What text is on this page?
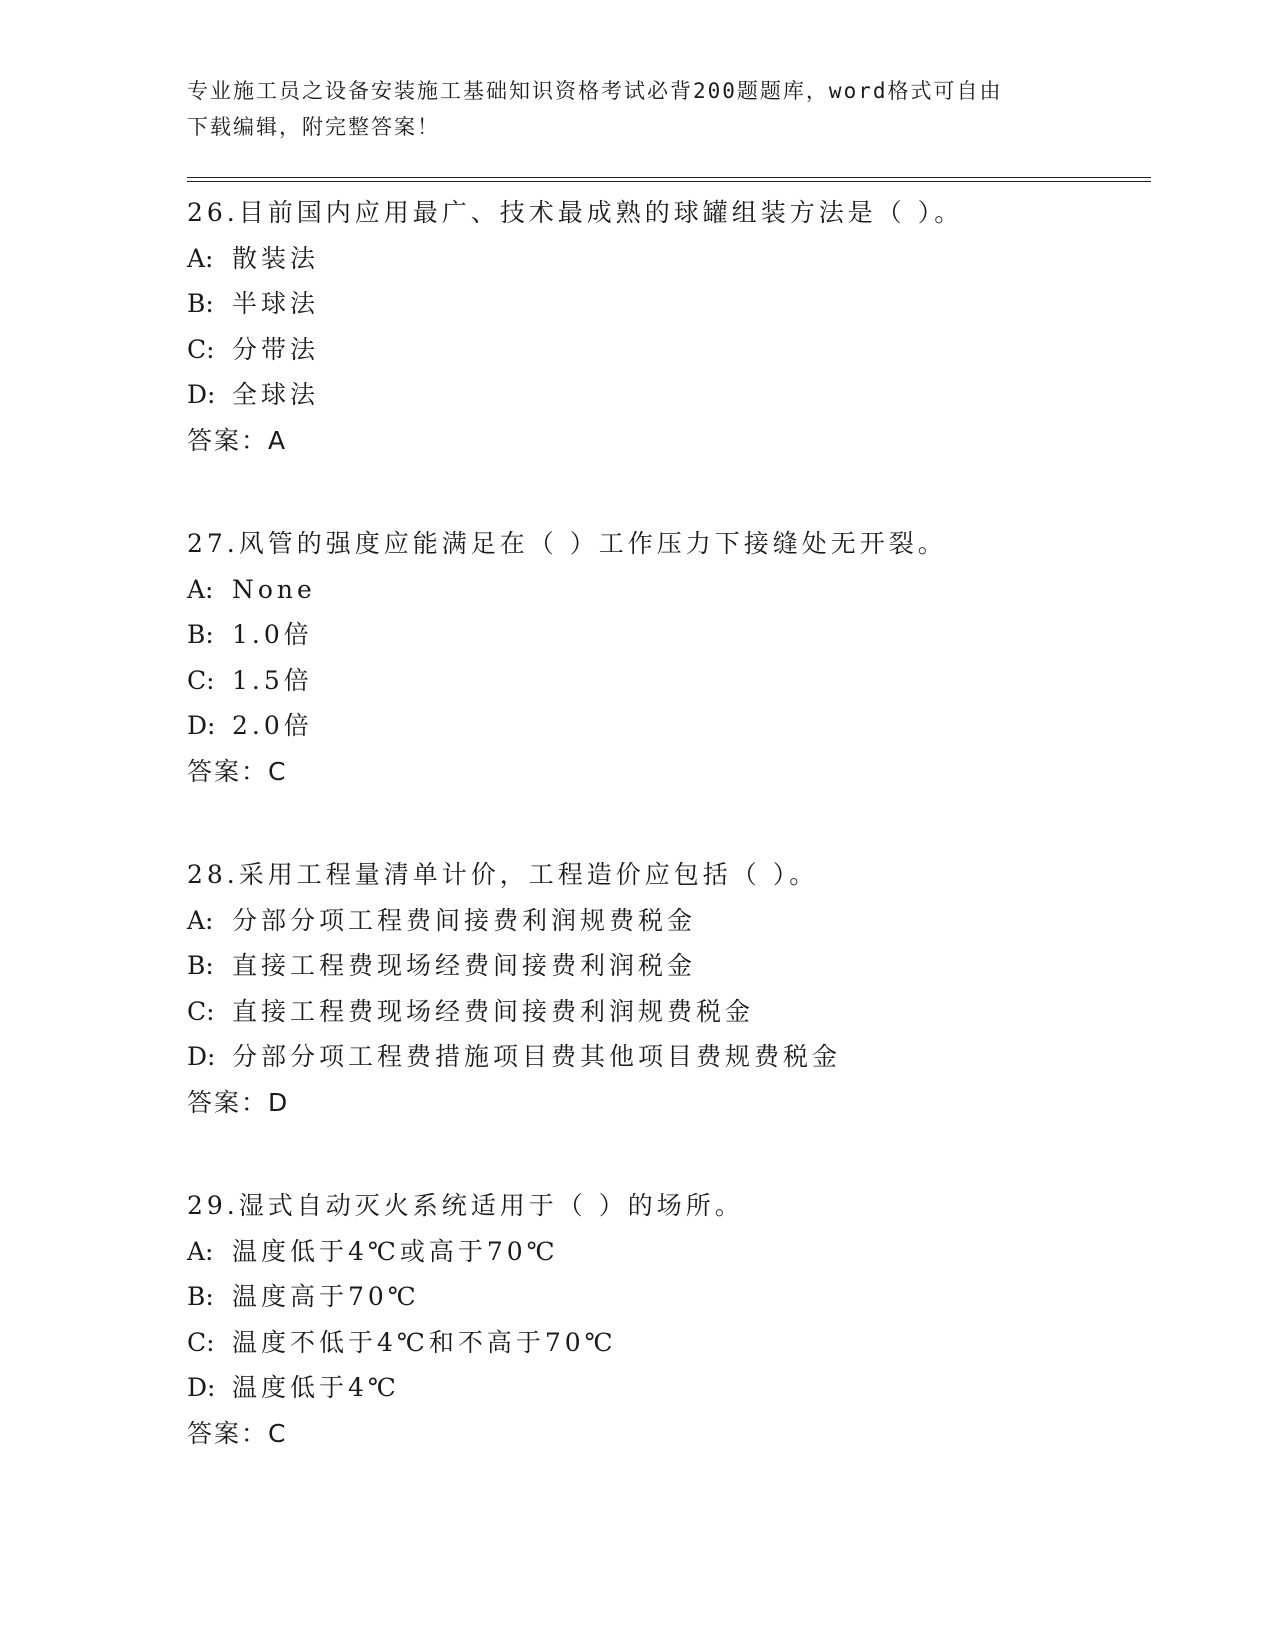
专业施工员之设备安装施工基础知识资格考试必背200题题库，word格式可自由
下载编辑，附完整答案！
26.目前国内应用最广、技术最成熟的球罐组装方法是（ ）。
A: 散装法
B: 半球法
C: 分带法
D: 全球法
答案：A
27.风管的强度应能满足在（ ）工作压力下接缝处无开裂。
A: None
B: 1.0倍
C: 1.5倍
D: 2.0倍
答案：C
28.采用工程量清单计价，工程造价应包括（ ）。
A: 分部分项工程费间接费利润规费税金
B: 直接工程费现场经费间接费利润税金
C: 直接工程费现场经费间接费利润规费税金
D: 分部分项工程费措施项目费其他项目费规费税金
答案：D
29.湿式自动灭火系统适用于（ ）的场所。
A: 温度低于4℃或高于70℃
B: 温度高于70℃
C: 温度不低于4℃和不高于70℃
D: 温度低于4℃
答案：C
